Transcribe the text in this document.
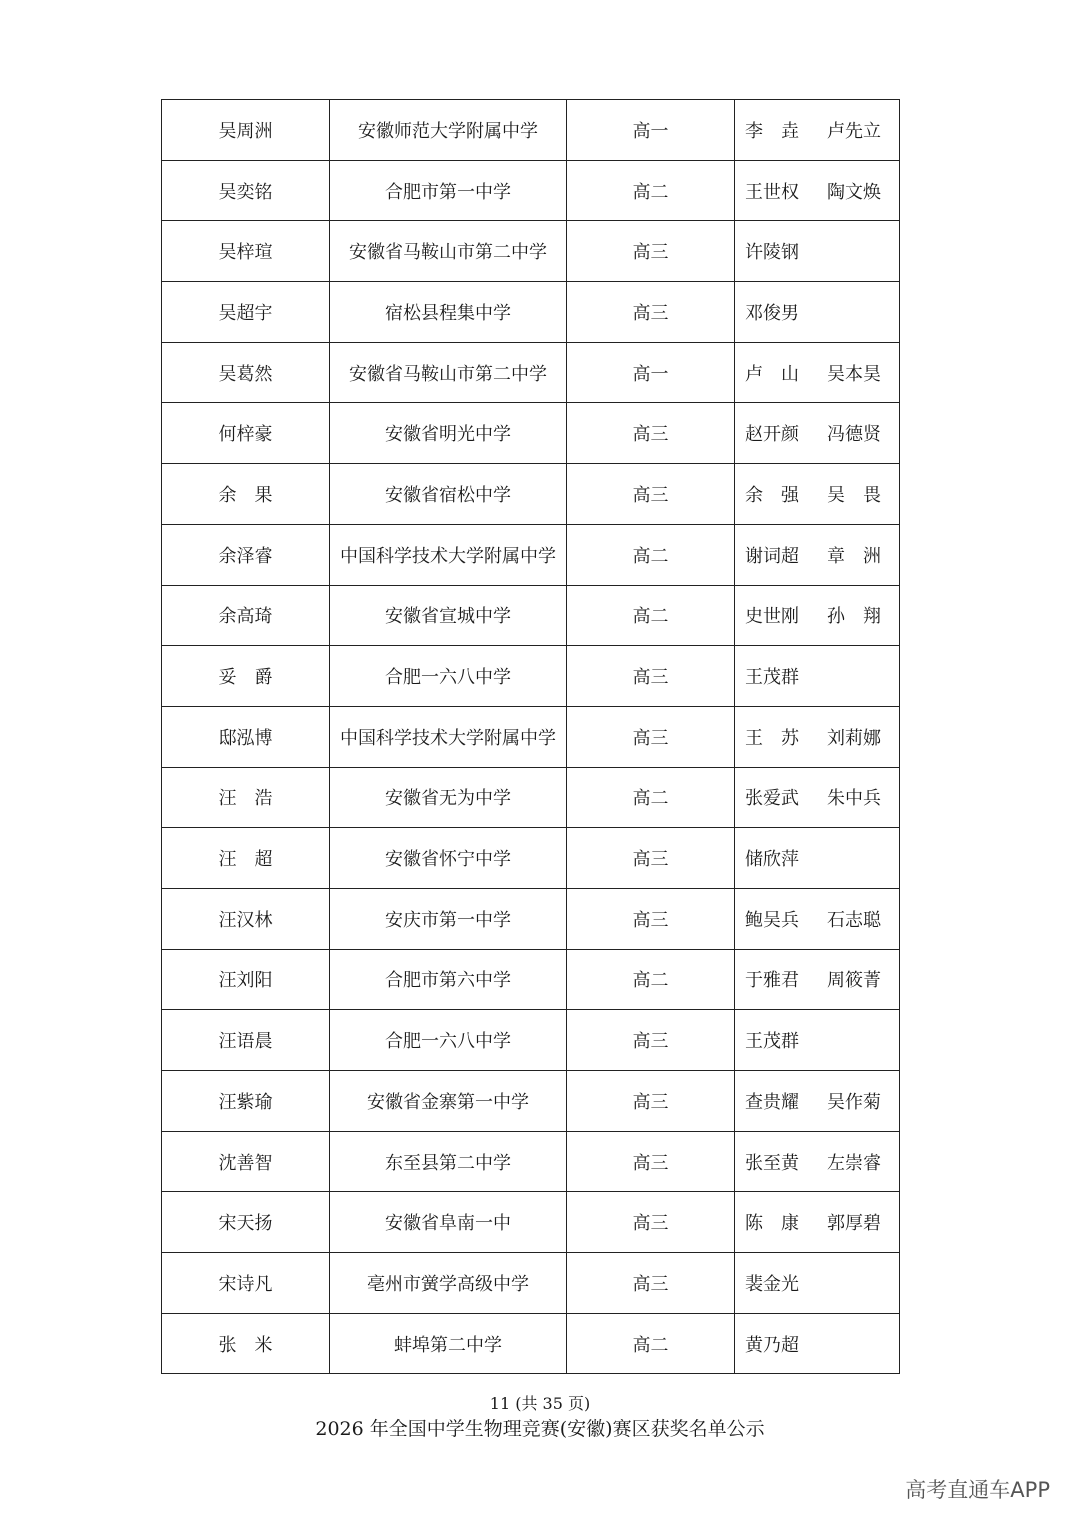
吴周洲	安徽师范大学附属中学	高一	李　垚 卢先立

吴奕铭	合肥市第一中学	高二	王世权 陶文焕

吴梓瑄	安徽省马鞍山市第二中学	高三	许陵钢

吴超宇	宿松县程集中学	高三	邓俊男

吴葛然	安徽省马鞍山市第二中学	高一	卢　山 吴本昊

何梓豪	安徽省明光中学	高三	赵开颜 冯德贤

余　果	安徽省宿松中学	高三	余　强 吴　畏

余泽睿	中国科学技术大学附属中学	高二	谢词超 章　洲

余高琦	安徽省宣城中学	高二	史世刚 孙　翔

妥　爵	合肥一六八中学	高三	王茂群

邸泓博	中国科学技术大学附属中学	高三	王　苏 刘莉娜

汪　浩	安徽省无为中学	高二	张爱武 朱中兵

汪　超	安徽省怀宁中学	高三	储欣萍

汪汉林	安庆市第一中学	高三	鲍吴兵 石志聪

汪刘阳	合肥市第六中学	高二	于雅君 周筱菁

汪语晨	合肥一六八中学	高三	王茂群

汪紫瑜	安徽省金寨第一中学	高三	查贵耀 吴作菊

沈善智	东至县第二中学	高三	张至黄 左崇睿

宋天扬	安徽省阜南一中	高三	陈　康 郭厚碧

宋诗凡	亳州市黉学高级中学	高三	裴金光

张　米	蚌埠第二中学	高二	黄乃超
11 (共 35 页)
2026 年全国中学生物理竞赛(安徽)赛区获奖名单公示
高考直通车APP
